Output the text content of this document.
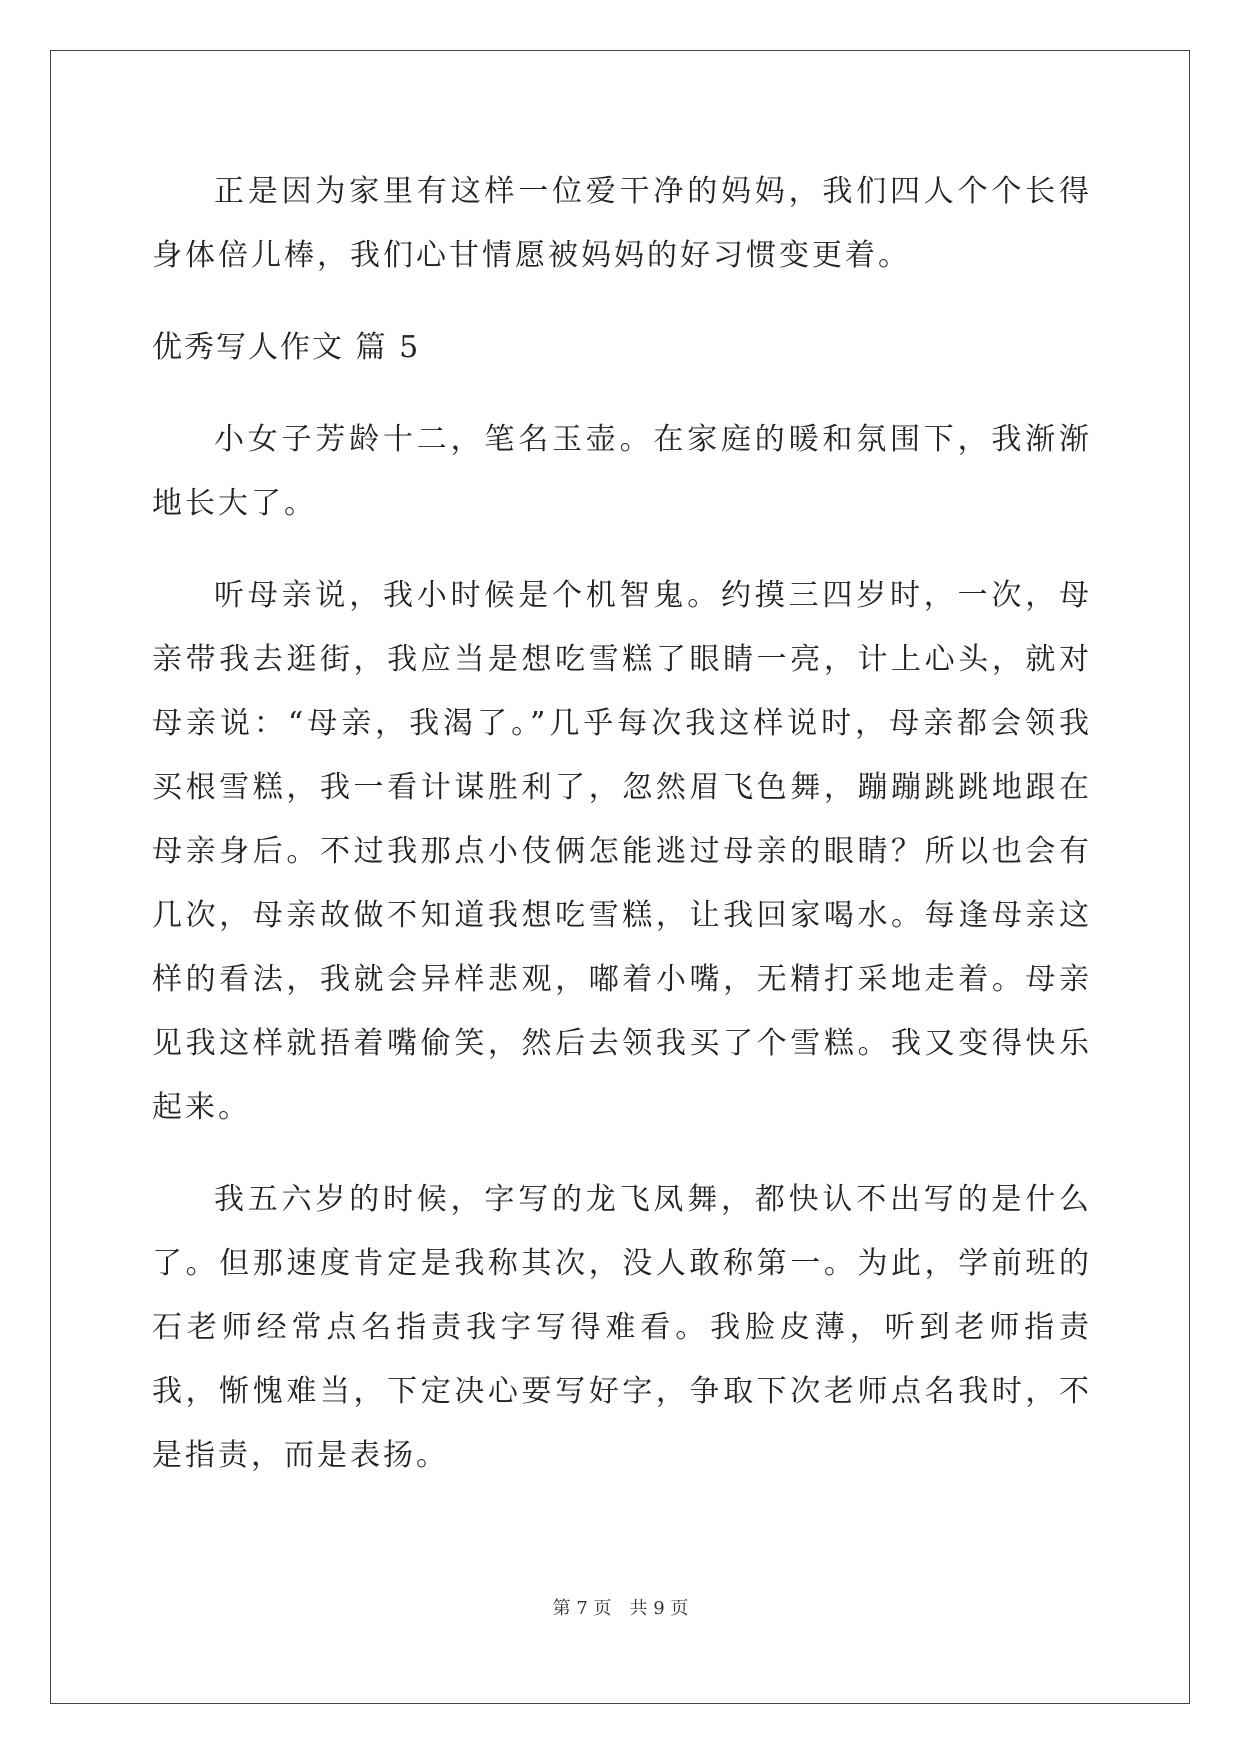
正是因为家里有这样一位爱干净的妈妈，我们四人个个长得身体倍儿棒，我们心甘情愿被妈妈的好习惯变更着。

优秀写人作文 篇 5

小女子芳龄十二，笔名玉壶。在家庭的暖和氛围下，我渐渐地长大了。

听母亲说，我小时候是个机智鬼。约摸三四岁时，一次，母亲带我去逛街，我应当是想吃雪糕了眼睛一亮，计上心头，就对母亲说：“母亲，我渴了。”几乎每次我这样说时，母亲都会领我买根雪糕，我一看计谋胜利了，忽然眉飞色舞，蹦蹦跳跳地跟在母亲身后。不过我那点小伎俩怎能逃过母亲的眼睛？所以也会有几次，母亲故做不知道我想吃雪糕，让我回家喝水。每逢母亲这样的看法，我就会异样悲观，嘟着小嘴，无精打采地走着。母亲见我这样就捂着嘴偷笑，然后去领我买了个雪糕。我又变得快乐起来。

我五六岁的时候，字写的龙飞凤舞，都快认不出写的是什么了。但那速度肯定是我称其次，没人敢称第一。为此，学前班的石老师经常点名指责我字写得难看。我脸皮薄，听到老师指责我，惭愧难当，下定决心要写好字，争取下次老师点名我时，不是指责，而是表扬。

第 7 页 共 9 页
